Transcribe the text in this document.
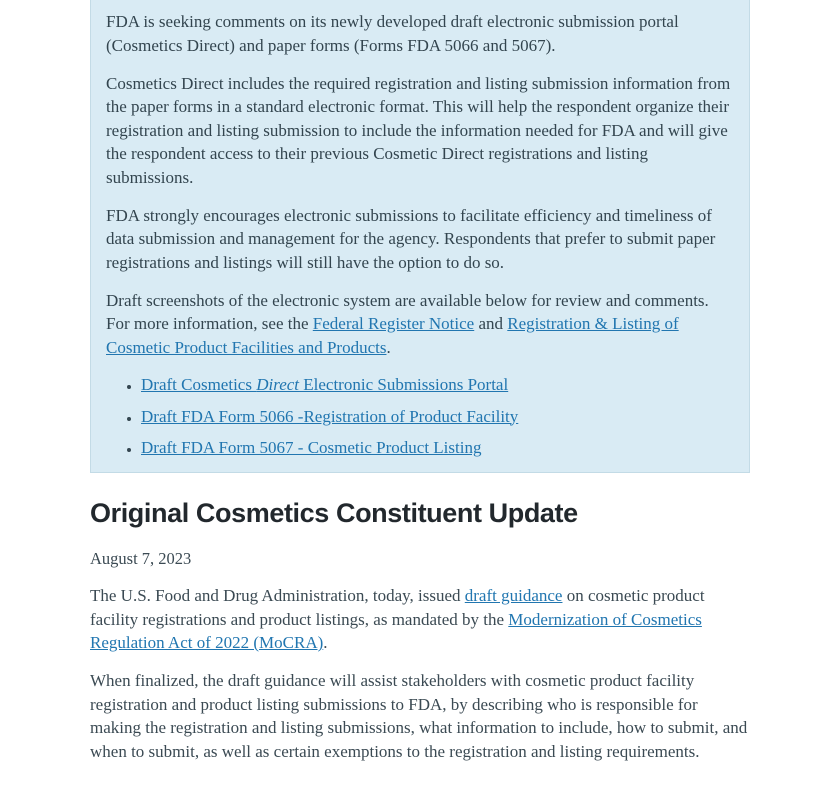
FDA is seeking comments on its newly developed draft electronic submission portal (Cosmetics Direct) and paper forms (Forms FDA 5066 and 5067).

Cosmetics Direct includes the required registration and listing submission information from the paper forms in a standard electronic format. This will help the respondent organize their registration and listing submission to include the information needed for FDA and will give the respondent access to their previous Cosmetic Direct registrations and listing submissions.

FDA strongly encourages electronic submissions to facilitate efficiency and timeliness of data submission and management for the agency. Respondents that prefer to submit paper registrations and listings will still have the option to do so.

Draft screenshots of the electronic system are available below for review and comments. For more information, see the Federal Register Notice and Registration & Listing of Cosmetic Product Facilities and Products.

• Draft Cosmetics Direct Electronic Submissions Portal
• Draft FDA Form 5066 -Registration of Product Facility
• Draft FDA Form 5067 - Cosmetic Product Listing
Original Cosmetics Constituent Update
August 7, 2023

The U.S. Food and Drug Administration, today, issued draft guidance on cosmetic product facility registrations and product listings, as mandated by the Modernization of Cosmetics Regulation Act of 2022 (MoCRA).

When finalized, the draft guidance will assist stakeholders with cosmetic product facility registration and product listing submissions to FDA, by describing who is responsible for making the registration and listing submissions, what information to include, how to submit, and when to submit, as well as certain exemptions to the registration and listing requirements.
